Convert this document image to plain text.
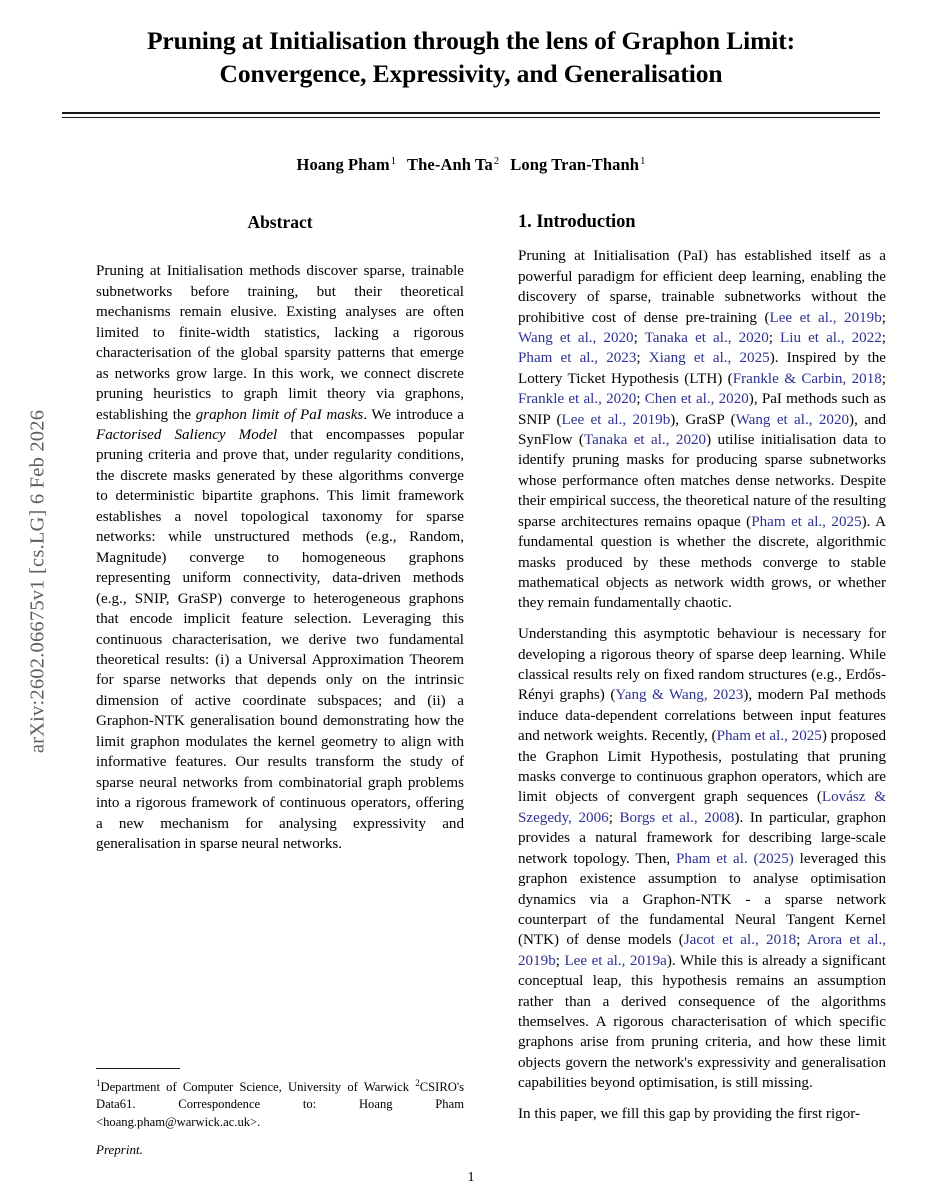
arXiv:2602.06675v1 [cs.LG] 6 Feb 2026
Pruning at Initialisation through the lens of Graphon Limit:
Convergence, Expressivity, and Generalisation
Hoang Pham$^1$ The-Anh Ta$^2$ Long Tran-Thanh$^1$
Abstract

Pruning at Initialisation methods discover sparse, trainable subnetworks before training, but their theoretical mechanisms remain elusive. Existing analyses are often limited to finite-width statistics, lacking a rigorous characterisation of the global sparsity patterns that emerge as networks grow large. In this work, we connect discrete pruning heuristics to graph limit theory via graphons, establishing the graphon limit of PaI masks. We introduce a Factorised Saliency Model that encompasses popular pruning criteria and prove that, under regularity conditions, the discrete masks generated by these algorithms converge to deterministic bipartite graphons. This limit framework establishes a novel topological taxonomy for sparse networks: while unstructured methods (e.g., Random, Magnitude) converge to homogeneous graphons representing uniform connectivity, data-driven methods (e.g., SNIP, GraSP) converge to heterogeneous graphons that encode implicit feature selection. Leveraging this continuous characterisation, we derive two fundamental theoretical results: (i) a Universal Approximation Theorem for sparse networks that depends only on the intrinsic dimension of active coordinate subspaces; and (ii) a Graphon-NTK generalisation bound demonstrating how the limit graphon modulates the kernel geometry to align with informative features. Our results transform the study of sparse neural networks from combinatorial graph problems into a rigorous framework of continuous operators, offering a new mechanism for analysing expressivity and generalisation in sparse neural networks.

1. Introduction

Pruning at Initialisation (PaI) has established itself as a powerful paradigm for efficient deep learning, enabling the discovery of sparse, trainable subnetworks without the prohibitive cost of dense pre-training (Lee et al., 2019b; Wang et al., 2020; Tanaka et al., 2020; Liu et al., 2022; Pham et al., 2023; Xiang et al., 2025). Inspired by the Lottery Ticket Hypothesis (LTH) (Frankle & Carbin, 2018; Frankle et al., 2020; Chen et al., 2020), PaI methods such as SNIP (Lee et al., 2019b), GraSP (Wang et al., 2020), and SynFlow (Tanaka et al., 2020) utilise initialisation data to identify pruning masks for producing sparse subnetworks whose performance often matches dense networks. Despite their empirical success, the theoretical nature of the resulting sparse architectures remains opaque (Pham et al., 2025). A fundamental question is whether the discrete, algorithmic masks produced by these methods converge to stable mathematical objects as network width grows, or whether they remain fundamentally chaotic.

Understanding this asymptotic behaviour is necessary for developing a rigorous theory of sparse deep learning. While classical results rely on fixed random structures (e.g., Erdős-Rényi graphs) (Yang & Wang, 2023), modern PaI methods induce data-dependent correlations between input features and network weights. Recently, (Pham et al., 2025) proposed the Graphon Limit Hypothesis, postulating that pruning masks converge to continuous graphon operators, which are limit objects of convergent graph sequences (Lovász & Szegedy, 2006; Borgs et al., 2008). In particular, graphon provides a natural framework for describing large-scale network topology. Then, Pham et al. (2025) leveraged this graphon existence assumption to analyse optimisation dynamics via a Graphon-NTK - a sparse network counterpart of the fundamental Neural Tangent Kernel (NTK) of dense models (Jacot et al., 2018; Arora et al., 2019b; Lee et al., 2019a). While this is already a significant conceptual leap, this hypothesis remains an assumption rather than a derived consequence of the algorithms themselves. A rigorous characterisation of which specific graphons arise from pruning criteria, and how these limit objects govern the network's expressivity and generalisation capabilities beyond optimisation, is still missing.

In this paper, we fill this gap by providing the first rigor-

$^1$Department of Computer Science, University of Warwick $^2$CSIRO's Data61. Correspondence to: Hoang Pham <hoang.pham@warwick.ac.uk>.
Preprint.
1
